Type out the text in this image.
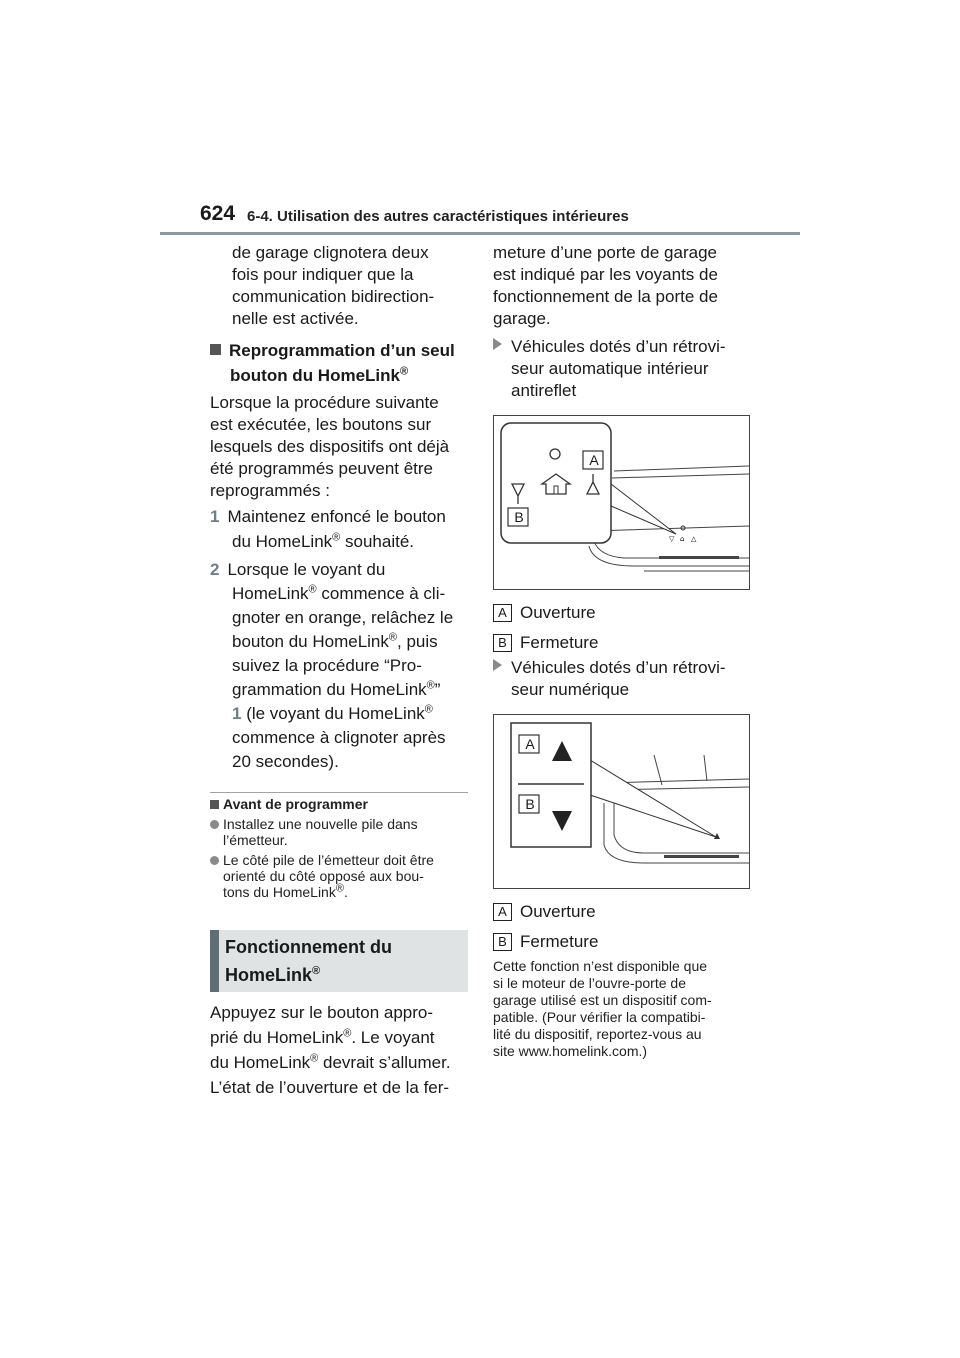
624 6-4. Utilisation des autres caractéristiques intérieures
de garage clignotera deux
fois pour indiquer que la
communication bidirection-
nelle est activée.
Reprogrammation d’un seul
bouton du HomeLink®
Lorsque la procédure suivante
est exécutée, les boutons sur
lesquels des dispositifs ont déjà
été programmés peuvent être
reprogrammés :
1 Maintenez enfoncé le bouton
du HomeLink® souhaité.
2 Lorsque le voyant du
HomeLink® commence à cli-
gnoter en orange, relâchez le
bouton du HomeLink®, puis
suivez la procédure “Pro-
grammation du HomeLink®”
1 (le voyant du HomeLink®
commence à clignoter après
20 secondes).
Avant de programmer
Installez une nouvelle pile dans
l’émetteur.
Le côté pile de l’émetteur doit être
orienté du côté opposé aux bou-
tons du HomeLink®.
Fonctionnement du
HomeLink®
Appuyez sur le bouton appro-
prié du HomeLink®. Le voyant
du HomeLink® devrait s’allumer.
L’état de l’ouverture et de la fer-
meture d’une porte de garage
est indiqué par les voyants de
fonctionnement de la porte de
garage.
Véhicules dotés d’un rétrovi-
seur automatique intérieur
antireflet
▽ ⌂ △
A
B
A Ouverture
B Fermeture
Véhicules dotés d’un rétrovi-
seur numérique
A
B
A Ouverture
B Fermeture
Cette fonction n’est disponible que
si le moteur de l’ouvre-porte de
garage utilisé est un dispositif com-
patible. (Pour vérifier la compatibi-
lité du dispositif, reportez-vous au
site www.homelink.com.)
